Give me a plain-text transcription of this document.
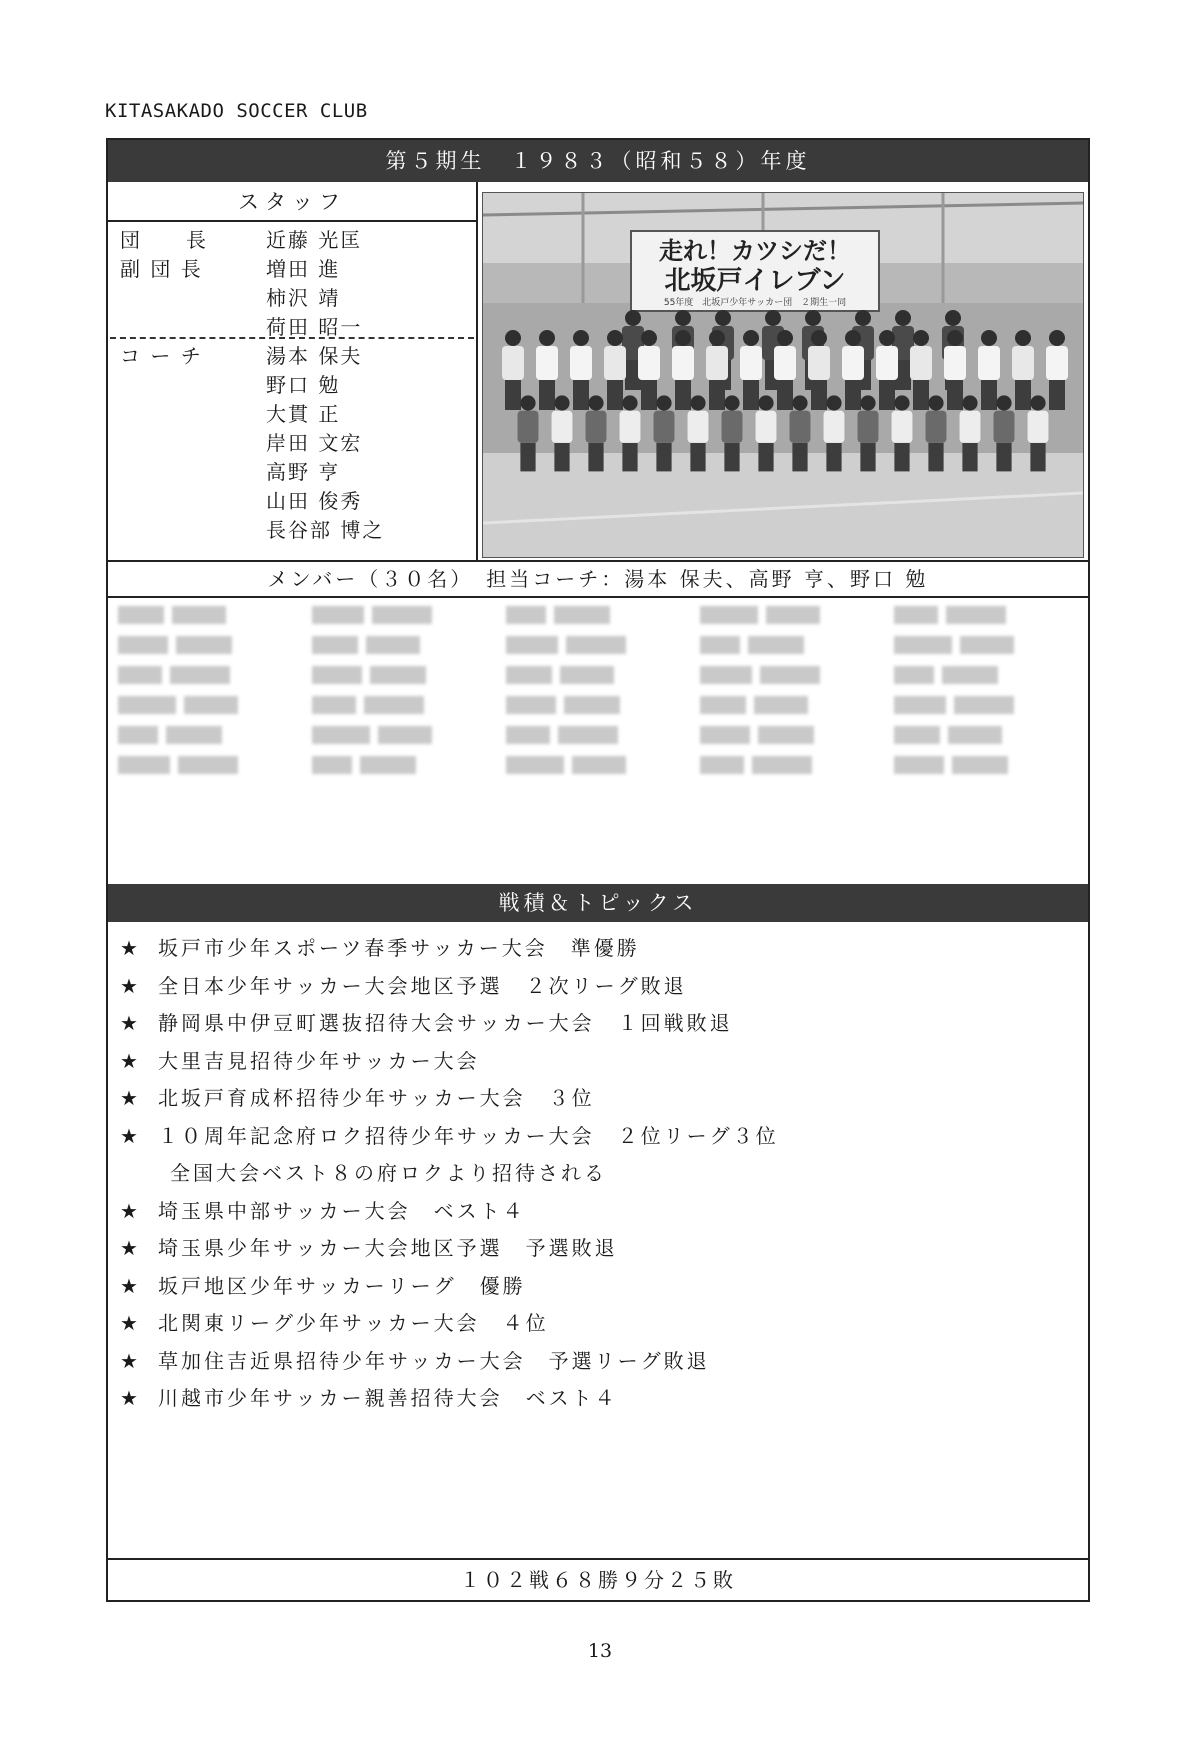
KITASAKADO SOCCER CLUB
第５期生　１９８３（昭和５８）年度
スタッフ
団　　長	近藤 光匡
副 団 長	増田 進
柿沢 靖
荷田 昭一
コ ー チ	湯本 保夫
野口 勉
大貫 正
岸田 文宏
高野 亨
山田 俊秀
長谷部 博之
走れ！カツシだ！
北坂戸イレブン
55年度　北坂戸少年サッカー団　２期生一同
メンバー（３０名）　担当コーチ：湯本 保夫、高野 亨、野口 勉
戦積＆トピックス
★ 坂戸市少年スポーツ春季サッカー大会　準優勝
★ 全日本少年サッカー大会地区予選　２次リーグ敗退
★ 静岡県中伊豆町選抜招待大会サッカー大会　１回戦敗退
★ 大里吉見招待少年サッカー大会
★ 北坂戸育成杯招待少年サッカー大会　３位
★ １０周年記念府ロク招待少年サッカー大会　２位リーグ３位
全国大会ベスト８の府ロクより招待される
★ 埼玉県中部サッカー大会　ベスト４
★ 埼玉県少年サッカー大会地区予選　予選敗退
★ 坂戸地区少年サッカーリーグ　優勝
★ 北関東リーグ少年サッカー大会　４位
★ 草加住吉近県招待少年サッカー大会　予選リーグ敗退
★ 川越市少年サッカー親善招待大会　ベスト４
１０２戦６８勝９分２５敗
13
